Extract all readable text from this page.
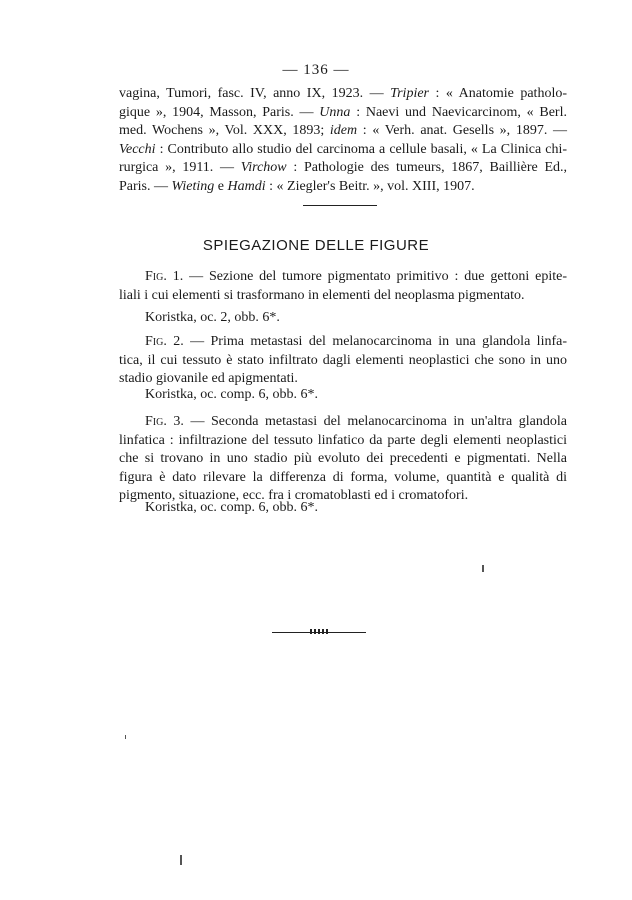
— 136 —
vagina, Tumori, fasc. IV, anno IX, 1923. — Tripier : « Anatomie patholo-
gique », 1904, Masson, Paris. — Unna : Naevi und Naevicarcinom, « Berl.
med. Wochens », Vol. XXX, 1893; idem : « Verh. anat. Gesells », 1897. —
Vecchi : Contributo allo studio del carcinoma a cellule basali, « La Clinica chi-
rurgica », 1911. — Virchow : Pathologie des tumeurs, 1867, Baillière Ed.,
Paris. — Wieting e Hamdi : « Ziegler's Beitr. », vol. XIII, 1907.
SPIEGAZIONE DELLE FIGURE
Fig. 1. — Sezione del tumore pigmentato primitivo : due gettoni epite-
liali i cui elementi si trasformano in elementi del neoplasma pigmentato.
Koristka, oc. 2, obb. 6*.
Fig. 2. — Prima metastasi del melanocarcinoma in una glandola linfa-
tica, il cui tessuto è stato infiltrato dagli elementi neoplastici che sono in uno
stadio giovanile ed apigmentati.
Koristka, oc. comp. 6, obb. 6*.
Fig. 3. — Seconda metastasi del melanocarcinoma in un'altra glandola
linfatica : infiltrazione del tessuto linfatico da parte degli elementi neoplastici
che si trovano in uno stadio più evoluto dei precedenti e pigmentati. Nella
figura è dato rilevare la differenza di forma, volume, quantità e qualità di
pigmento, situazione, ecc. fra i cromatoblasti ed i cromatofori.
Koristka, oc. comp. 6, obb. 6*.
